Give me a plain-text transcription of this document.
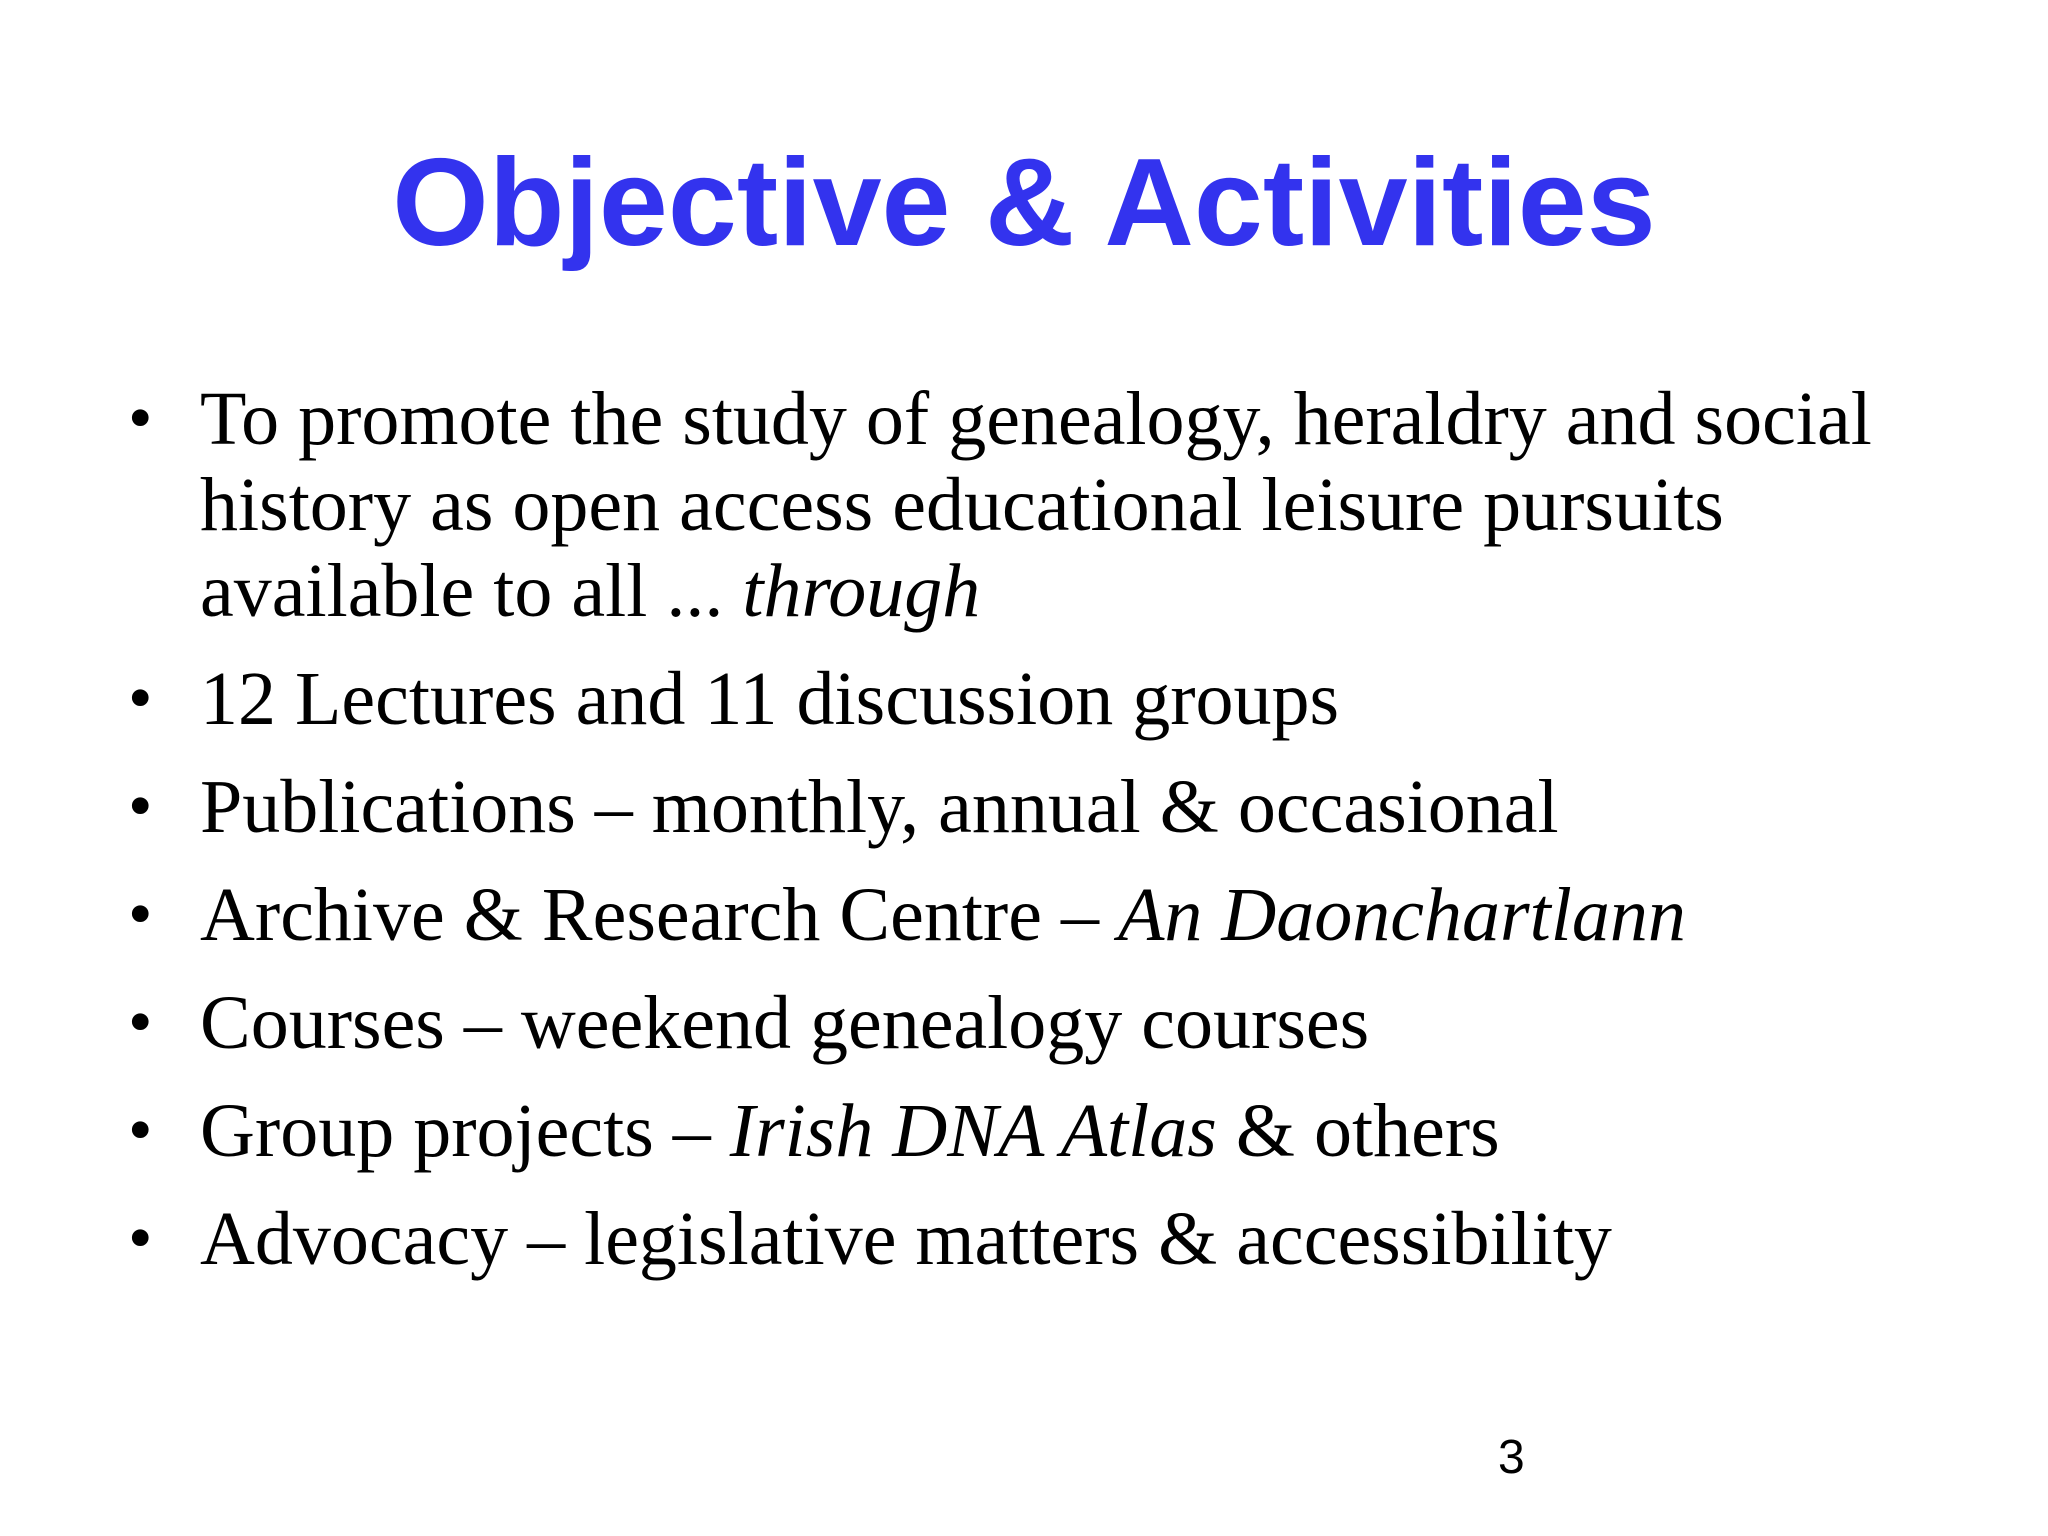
Objective & Activities
• To promote the study of genealogy, heraldry and social history as open access educational leisure pursuits available to all ... through
• 12 Lectures and 11 discussion groups
• Publications – monthly, annual & occasional
• Archive & Research Centre – An Daonchartlann
• Courses – weekend genealogy courses
• Group projects – Irish DNA Atlas & others
• Advocacy – legislative matters & accessibility
3
